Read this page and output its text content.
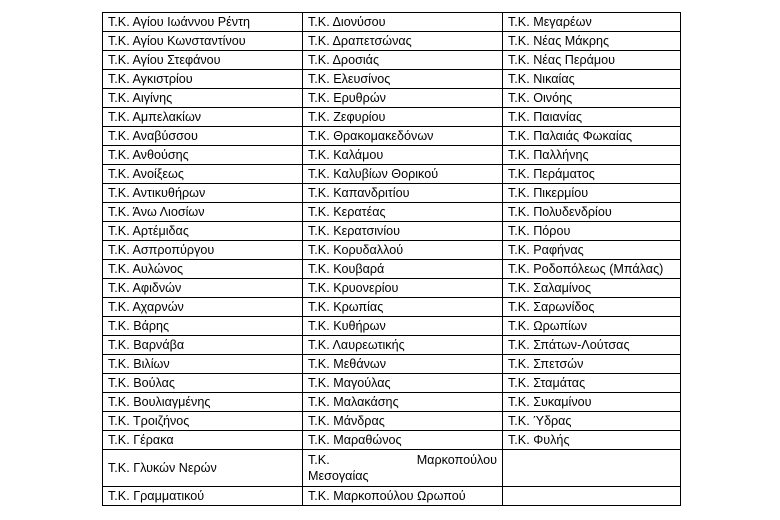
Τ.Κ. Αγίου Ιωάννου Ρέντη	Τ.Κ. Διονύσου	Τ.Κ. Μεγαρέων
Τ.Κ. Αγίου Κωνσταντίνου	Τ.Κ. Δραπετσώνας	Τ.Κ. Νέας Μάκρης
Τ.Κ. Αγίου Στεφάνου	Τ.Κ. Δροσιάς	Τ.Κ. Νέας Περάμου
Τ.Κ. Αγκιστρίου	Τ.Κ. Ελευσίνος	Τ.Κ. Νικαίας
Τ.Κ. Αιγίνης	Τ.Κ. Ερυθρών	Τ.Κ. Οινόης
Τ.Κ. Αμπελακίων	Τ.Κ. Ζεφυρίου	Τ.Κ. Παιανίας
Τ.Κ. Αναβύσσου	Τ.Κ. Θρακομακεδόνων	Τ.Κ. Παλαιάς Φωκαίας
Τ.Κ. Ανθούσης	Τ.Κ. Καλάμου	Τ.Κ. Παλλήνης
Τ.Κ. Ανοίξεως	Τ.Κ. Καλυβίων Θορικού	Τ.Κ. Περάματος
Τ.Κ. Αντικυθήρων	Τ.Κ. Καπανδριτίου	Τ.Κ. Πικερμίου
Τ.Κ. Άνω Λιοσίων	Τ.Κ. Κερατέας	Τ.Κ. Πολυδενδρίου
Τ.Κ. Αρτέμιδας	Τ.Κ. Κερατσινίου	Τ.Κ. Πόρου
Τ.Κ. Ασπροπύργου	Τ.Κ. Κορυδαλλού	Τ.Κ. Ραφήνας
Τ.Κ. Αυλώνος	Τ.Κ. Κουβαρά	Τ.Κ. Ροδοπόλεως (Μπάλας)
Τ.Κ. Αφιδνών	Τ.Κ. Κρυονερίου	Τ.Κ. Σαλαμίνος
Τ.Κ. Αχαρνών	Τ.Κ. Κρωπίας	Τ.Κ. Σαρωνίδος
Τ.Κ. Βάρης	Τ.Κ. Κυθήρων	Τ.Κ. Ωρωπίων
Τ.Κ. Βαρνάβα	Τ.Κ. Λαυρεωτικής	Τ.Κ. Σπάτων-Λούτσας
Τ.Κ. Βιλίων	Τ.Κ. Μεθάνων	Τ.Κ. Σπετσών
Τ.Κ. Βούλας	Τ.Κ. Μαγούλας	Τ.Κ. Σταμάτας
Τ.Κ. Βουλιαγμένης	Τ.Κ. Μαλακάσης	Τ.Κ. Συκαμίνου
Τ.Κ. Τροιζήνος	Τ.Κ. Μάνδρας	Τ.Κ. Ύδρας
Τ.Κ. Γέρακα	Τ.Κ. Μαραθώνος	Τ.Κ. Φυλής
Τ.Κ. Γλυκών Νερών	Τ.Κ. Μαρκοπούλου
Μεσογαίας	
Τ.Κ. Γραμματικού	Τ.Κ. Μαρκοπούλου Ωρωπού	
